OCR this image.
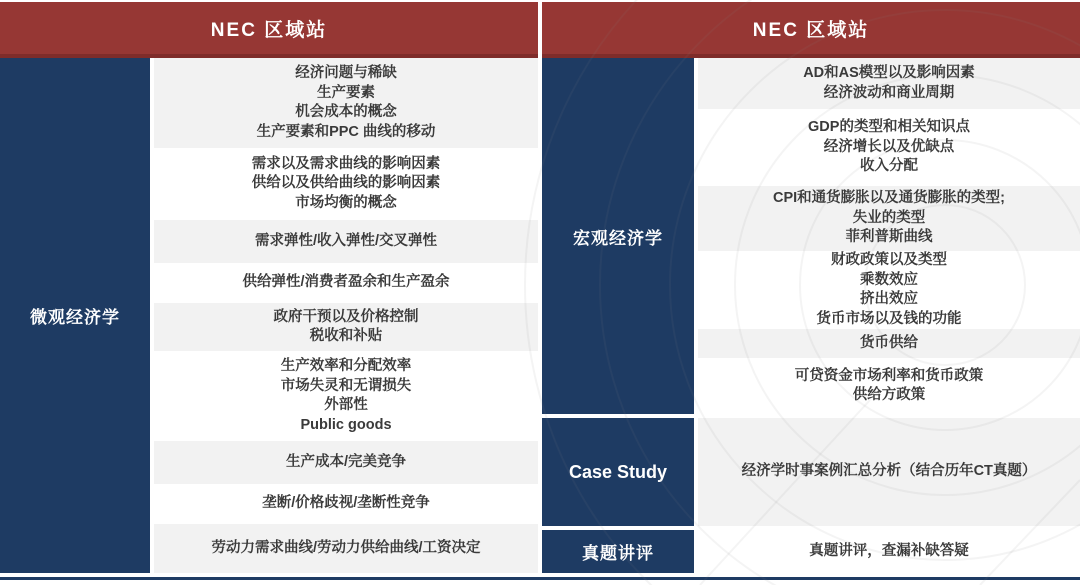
NEC 区域站
微观经济学
经济问题与稀缺
生产要素
机会成本的概念
生产要素和PPC 曲线的移动
需求以及需求曲线的影响因素
供给以及供给曲线的影响因素
市场均衡的概念
需求弹性/收入弹性/交叉弹性
供给弹性/消费者盈余和生产盈余
政府干预以及价格控制
税收和补贴
生产效率和分配效率
市场失灵和无谓损失
外部性
Public goods
生产成本/完美竞争
垄断/价格歧视/垄断性竞争
劳动力需求曲线/劳动力供给曲线/工资决定
NEC 区域站
宏观经济学
AD和AS模型以及影响因素
经济波动和商业周期
GDP的类型和相关知识点
经济增长以及优缺点
收入分配
CPI和通货膨胀以及通货膨胀的类型;
失业的类型
菲利普斯曲线
财政政策以及类型
乘数效应
挤出效应
货币市场以及钱的功能
货币供给
可贷资金市场利率和货币政策
供给方政策
Case Study	经济学时事案例汇总分析（结合历年CT真题）
真题讲评	真题讲评，查漏补缺答疑
